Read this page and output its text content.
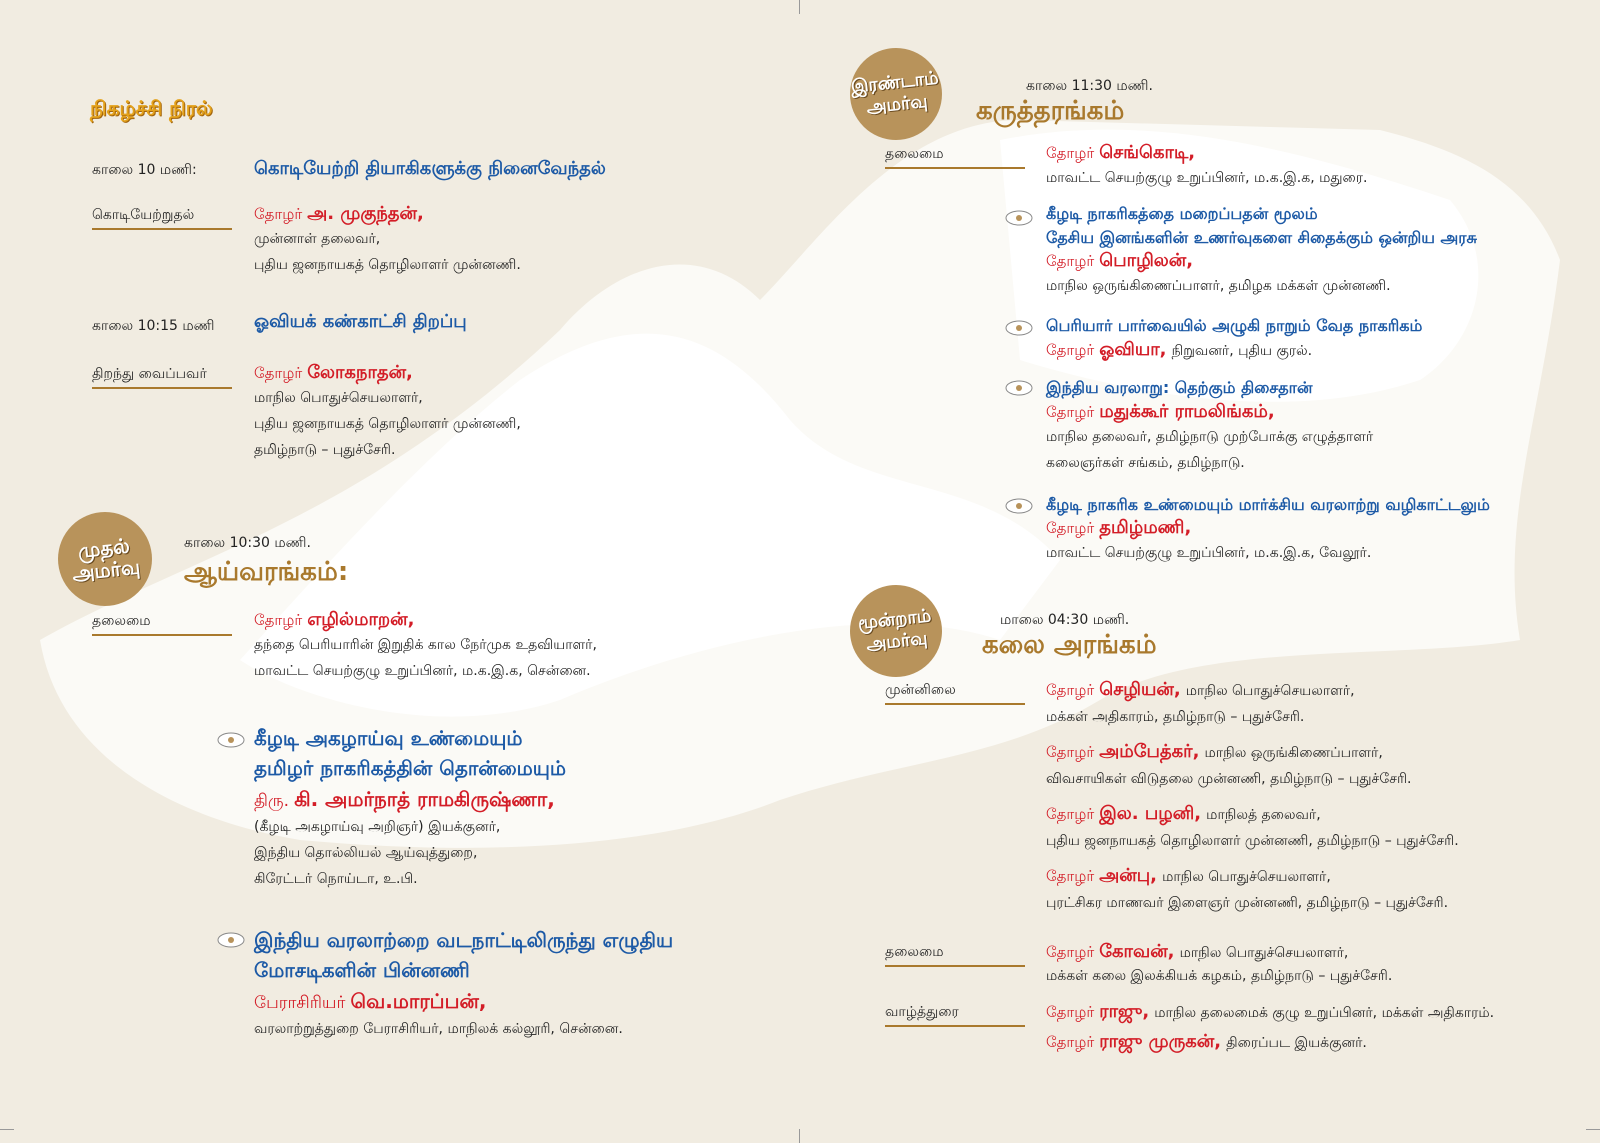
நிகழ்ச்சி நிரல்
காலை 10 மணி:	கொடியேற்றி தியாகிகளுக்கு நினைவேந்தல்
கொடியேற்றுதல்	தோழர் அ. முகுந்தன்,
முன்னாள் தலைவர்,
புதிய ஜனநாயகத் தொழிலாளர் முன்னணி.
காலை 10:15 மணி ஓவியக் கண்காட்சி திறப்பு
திறந்து வைப்பவர்	தோழர் லோகநாதன்,
மாநில பொதுச்செயலாளர்,
புதிய ஜனநாயகத் தொழிலாளர் முன்னணி,
தமிழ்நாடு – புதுச்சேரி.
முதல்
அமர்வு
காலை 10:30 மணி.
ஆய்வரங்கம்:
தலைமை	தோழர் எழில்மாறன்,
தந்தை பெரியாரின் இறுதிக் கால நேர்முக உதவியாளர்,
மாவட்ட செயற்குழு உறுப்பினர், ம.க.இ.க, சென்னை.
கீழடி அகழாய்வு உண்மையும்
தமிழர் நாகரிகத்தின் தொன்மையும்
திரு. கி. அமர்நாத் ராமகிருஷ்ணா,
(கீழடி அகழாய்வு அறிஞர்) இயக்குனர்,
இந்திய தொல்லியல் ஆய்வுத்துறை,
கிரேட்டர் நொய்டா, உ.பி.
இந்திய வரலாற்றை வடநாட்டிலிருந்து எழுதிய
மோசடிகளின் பின்னணி
பேராசிரியர் வெ.மாரப்பன்,
வரலாற்றுத்துறை பேராசிரியர், மாநிலக் கல்லூரி, சென்னை.
இரண்டாம்
அமர்வு
காலை 11:30 மணி.
கருத்தரங்கம்
தலைமை	தோழர் செங்கொடி,
மாவட்ட செயற்குழு உறுப்பினர், ம.க.இ.க, மதுரை.
கீழடி நாகரிகத்தை மறைப்பதன் மூலம்
தேசிய இனங்களின் உணர்வுகளை சிதைக்கும் ஒன்றிய அரசு
தோழர் பொழிலன்,
மாநில ஒருங்கிணைப்பாளர், தமிழக மக்கள் முன்னணி.
பெரியார் பார்வையில் அழுகி நாறும் வேத நாகரிகம்
தோழர் ஓவியா, நிறுவனர், புதிய குரல்.
இந்திய வரலாறு: தெற்கும் திசைதான்
தோழர் மதுக்கூர் ராமலிங்கம்,
மாநில தலைவர், தமிழ்நாடு முற்போக்கு எழுத்தாளர்
கலைஞர்கள் சங்கம், தமிழ்நாடு.
கீழடி நாகரிக உண்மையும் மார்க்சிய வரலாற்று வழிகாட்டலும்
தோழர் தமிழ்மணி,
மாவட்ட செயற்குழு உறுப்பினர், ம.க.இ.க, வேலூர்.
மூன்றாம்
அமர்வு
மாலை 04:30 மணி.
கலை அரங்கம்
முன்னிலை	தோழர் செழியன், மாநில பொதுச்செயலாளர்,
மக்கள் அதிகாரம், தமிழ்நாடு – புதுச்சேரி.
தோழர் அம்பேத்கர், மாநில ஒருங்கிணைப்பாளர்,
விவசாயிகள் விடுதலை முன்னணி, தமிழ்நாடு – புதுச்சேரி.
தோழர் இல. பழனி, மாநிலத் தலைவர்,
புதிய ஜனநாயகத் தொழிலாளர் முன்னணி, தமிழ்நாடு – புதுச்சேரி.
தோழர் அன்பு, மாநில பொதுச்செயலாளர்,
புரட்சிகர மாணவர் இளைஞர் முன்னணி, தமிழ்நாடு – புதுச்சேரி.
தலைமை	தோழர் கோவன், மாநில பொதுச்செயலாளர்,
மக்கள் கலை இலக்கியக் கழகம், தமிழ்நாடு – புதுச்சேரி.
வாழ்த்துரை	தோழர் ராஜு, மாநில தலைமைக் குழு உறுப்பினர், மக்கள் அதிகாரம்.
தோழர் ராஜு முருகன், திரைப்பட இயக்குனர்.
